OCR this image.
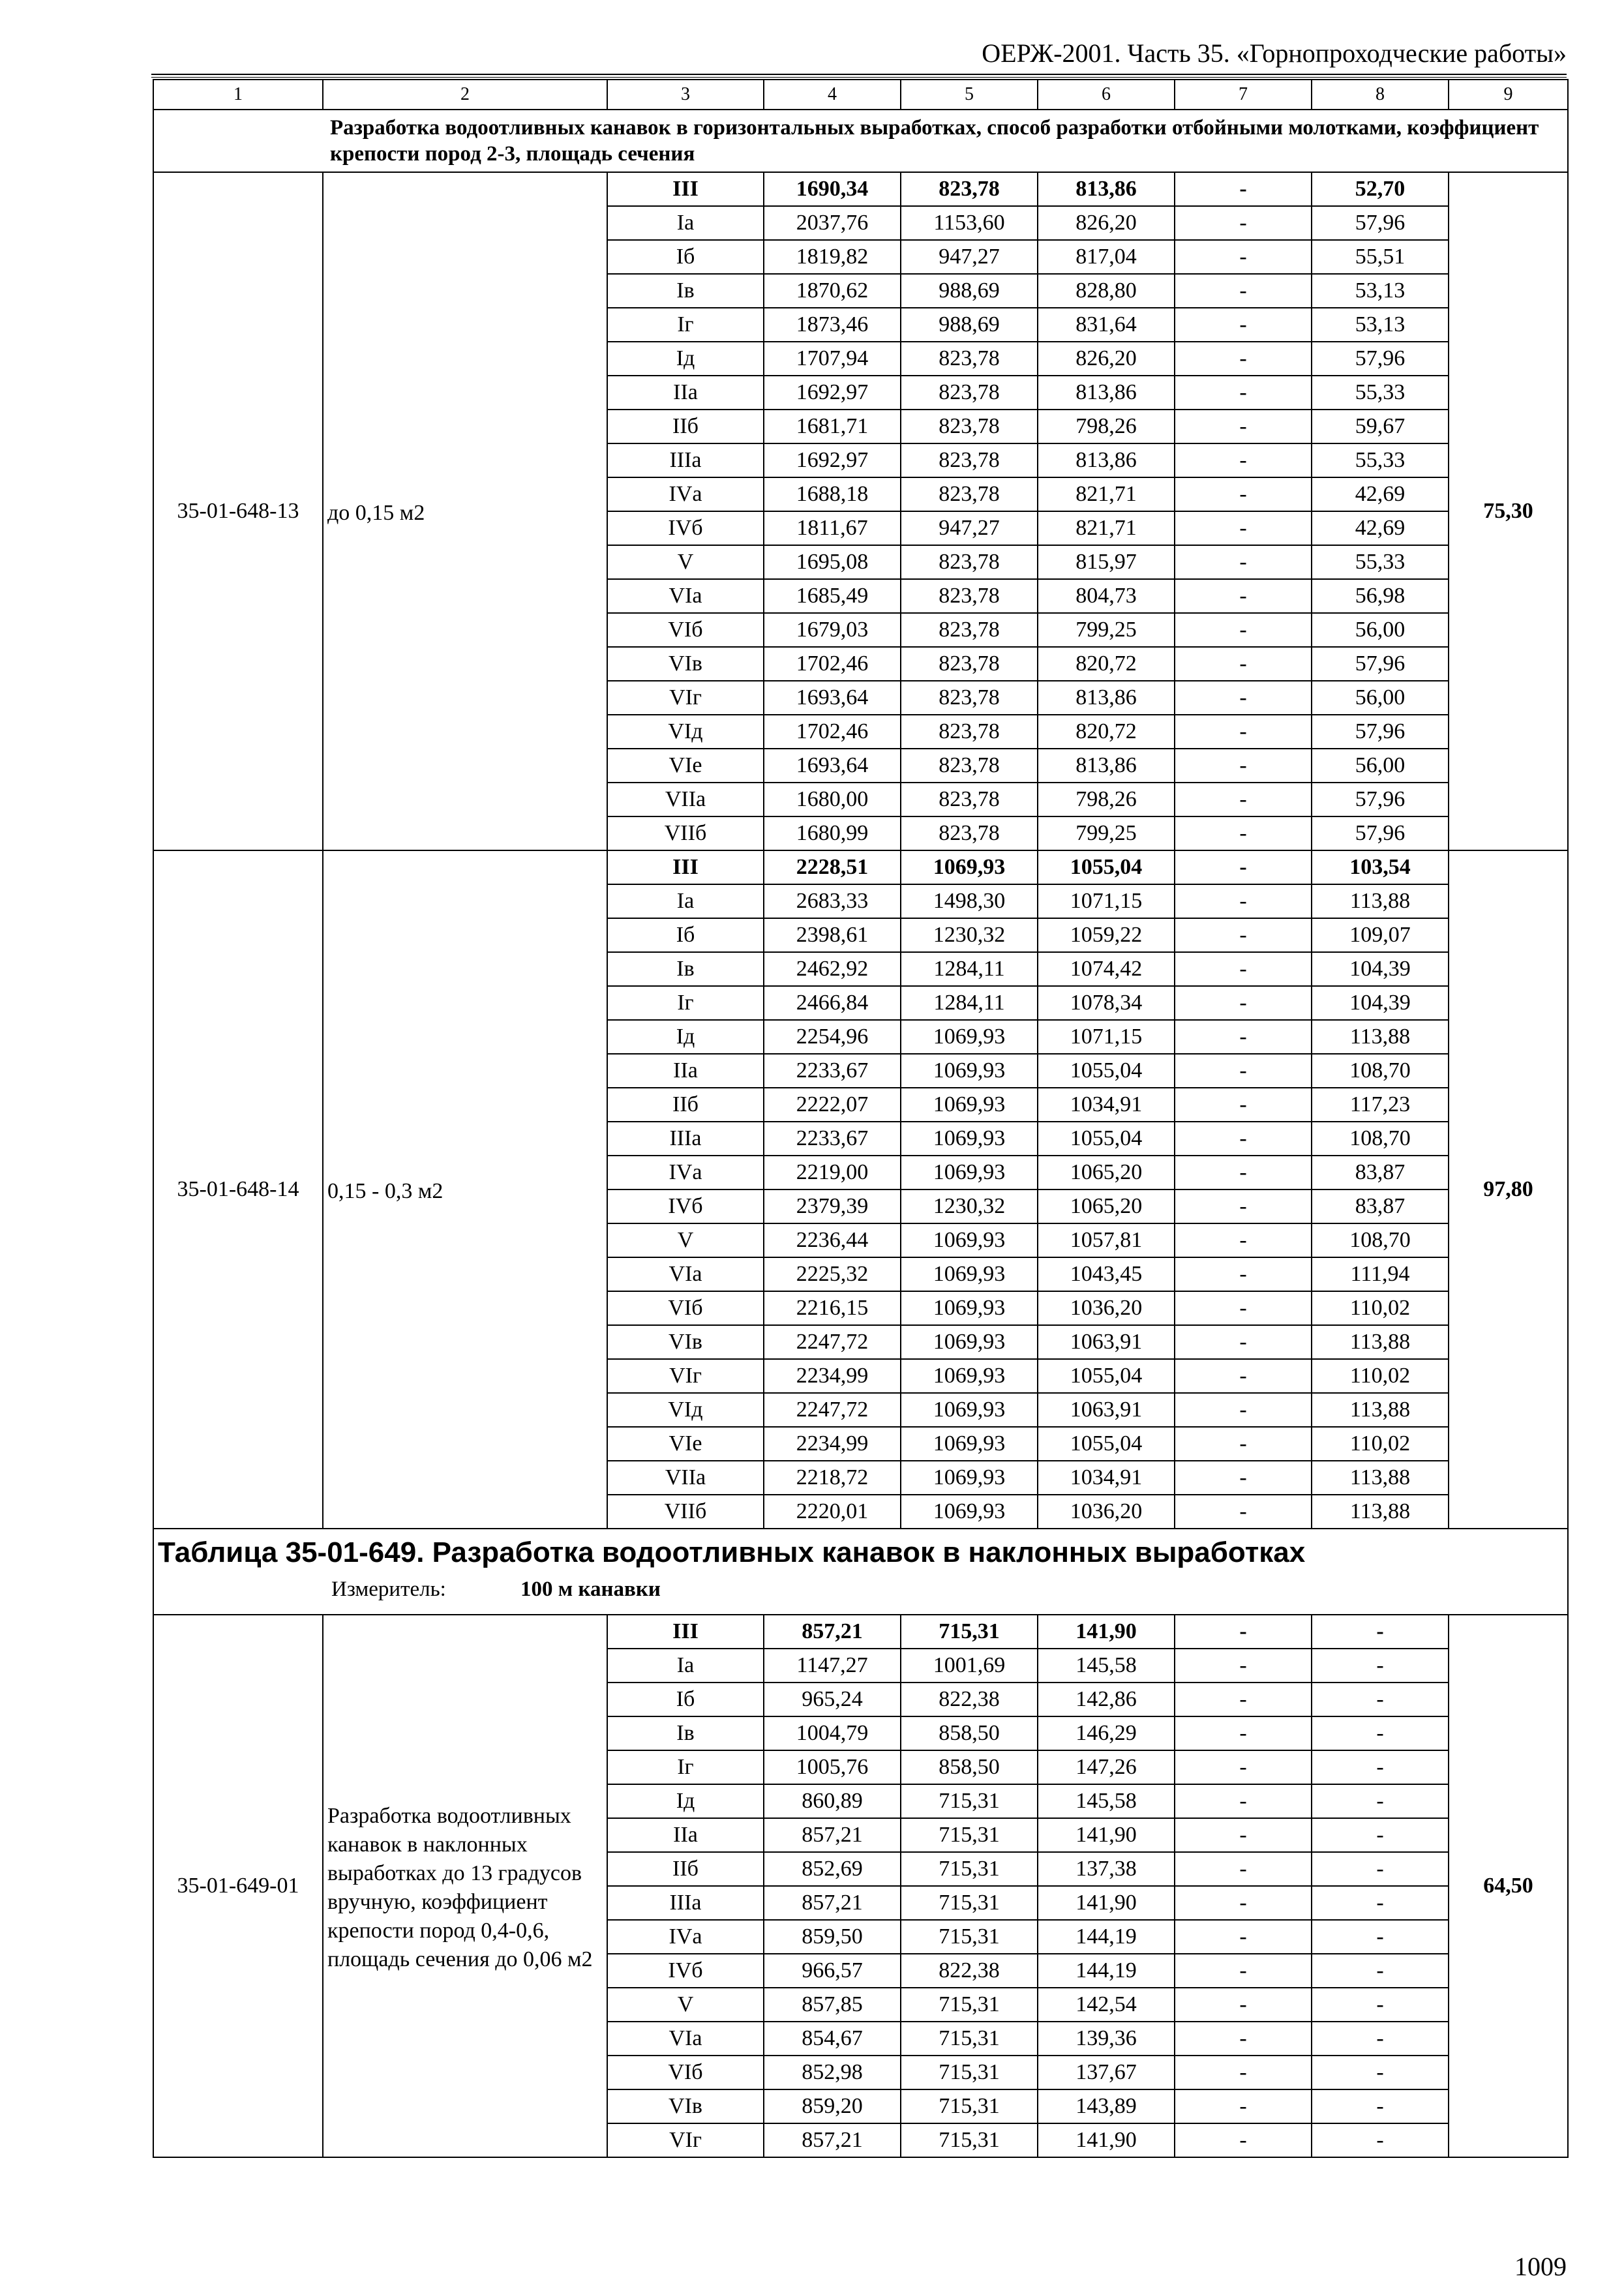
ОЕРЖ-2001. Часть 35. «Горнопроходческие работы»
1	2	3	4	5	6	7	8	9
Разработка водоотливных канавок в горизонтальных выработках, способ разработки отбойными молотками, коэффициент крепости пород 2-3, площадь сечения								
35-01-648-13	до 0,15 м2	III	1690,34	823,78	813,86	-	52,70	75,30
		Iа	2037,76	1153,60	826,20	-	57,96	
		Iб	1819,82	947,27	817,04	-	55,51	
		Iв	1870,62	988,69	828,80	-	53,13	
		Iг	1873,46	988,69	831,64	-	53,13	
		Iд	1707,94	823,78	826,20	-	57,96	
		IIа	1692,97	823,78	813,86	-	55,33	
		IIб	1681,71	823,78	798,26	-	59,67	
		IIIа	1692,97	823,78	813,86	-	55,33	
		IVа	1688,18	823,78	821,71	-	42,69	
		IVб	1811,67	947,27	821,71	-	42,69	
		V	1695,08	823,78	815,97	-	55,33	
		VIа	1685,49	823,78	804,73	-	56,98	
		VIб	1679,03	823,78	799,25	-	56,00	
		VIв	1702,46	823,78	820,72	-	57,96	
		VIг	1693,64	823,78	813,86	-	56,00	
		VIд	1702,46	823,78	820,72	-	57,96	
		VIе	1693,64	823,78	813,86	-	56,00	
		VIIа	1680,00	823,78	798,26	-	57,96	
		VIIб	1680,99	823,78	799,25	-	57,96	
35-01-648-14	0,15 - 0,3 м2	III	2228,51	1069,93	1055,04	-	103,54	97,80
		Iа	2683,33	1498,30	1071,15	-	113,88	
		Iб	2398,61	1230,32	1059,22	-	109,07	
		Iв	2462,92	1284,11	1074,42	-	104,39	
		Iг	2466,84	1284,11	1078,34	-	104,39	
		Iд	2254,96	1069,93	1071,15	-	113,88	
		IIа	2233,67	1069,93	1055,04	-	108,70	
		IIб	2222,07	1069,93	1034,91	-	117,23	
		IIIа	2233,67	1069,93	1055,04	-	108,70	
		IVа	2219,00	1069,93	1065,20	-	83,87	
		IVб	2379,39	1230,32	1065,20	-	83,87	
		V	2236,44	1069,93	1057,81	-	108,70	
		VIа	2225,32	1069,93	1043,45	-	111,94	
		VIб	2216,15	1069,93	1036,20	-	110,02	
		VIв	2247,72	1069,93	1063,91	-	113,88	
		VIг	2234,99	1069,93	1055,04	-	110,02	
		VIд	2247,72	1069,93	1063,91	-	113,88	
		VIе	2234,99	1069,93	1055,04	-	110,02	
		VIIа	2218,72	1069,93	1034,91	-	113,88	
		VIIб	2220,01	1069,93	1036,20	-	113,88	

Таблица 35-01-649. Разработка водоотливных канавок в наклонных выработках
Измеритель: 100 м канавки								

35-01-649-01	Разработка водоотливных канавок в наклонных выработках до 13 градусов вручную, коэффициент крепости пород 0,4-0,6, площадь сечения до 0,06 м2	III	857,21	715,31	141,90	-	-	64,50
		Iа	1147,27	1001,69	145,58	-	-	
		Iб	965,24	822,38	142,86	-	-	
		Iв	1004,79	858,50	146,29	-	-	
		Iг	1005,76	858,50	147,26	-	-	
		Iд	860,89	715,31	145,58	-	-	
		IIа	857,21	715,31	141,90	-	-	
		IIб	852,69	715,31	137,38	-	-	
		IIIа	857,21	715,31	141,90	-	-	
		IVа	859,50	715,31	144,19	-	-	
		IVб	966,57	822,38	144,19	-	-	
		V	857,85	715,31	142,54	-	-	
		VIа	854,67	715,31	139,36	-	-	
		VIб	852,98	715,31	137,67	-	-	
		VIв	859,20	715,31	143,89	-	-	
		VIг	857,21	715,31	141,90	-	-	
1009
